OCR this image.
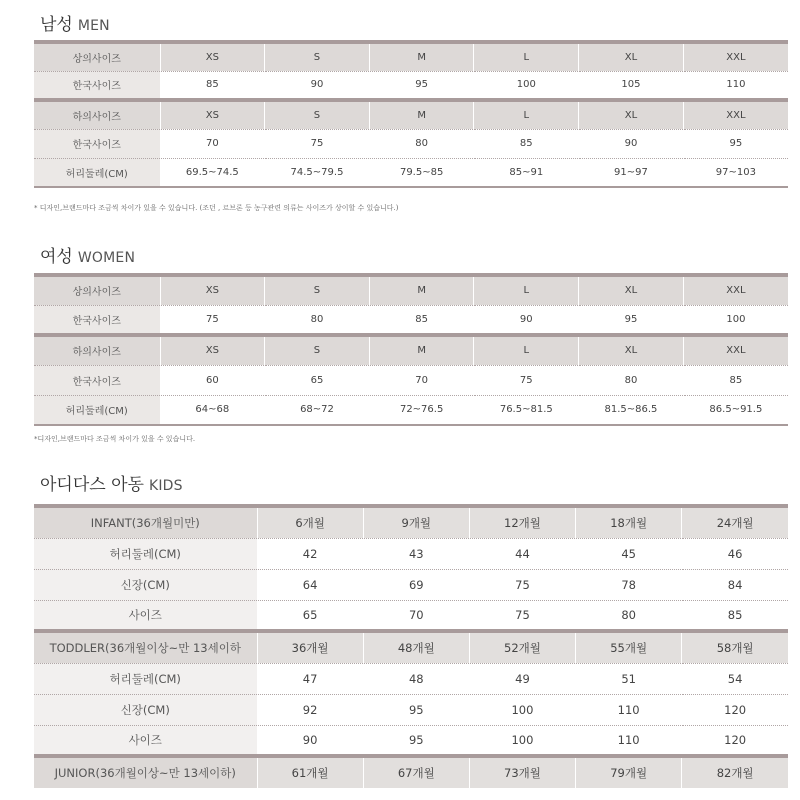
남성 MEN
상의사이즈	XS	S	M	L	XL	XXL
한국사이즈	85	90	95	100	105	110
하의사이즈	XS	S	M	L	XL	XXL
한국사이즈	70	75	80	85	90	95
허리둘레(CM)	69.5~74.5	74.5~79.5	79.5~85	85~91	91~97	97~103
* 디자인,브랜드마다 조금씩 차이가 있을 수 있습니다. (조던 , 르브론 등 농구관련 의류는 사이즈가 상이할 수 있습니다.)
여성 WOMEN
상의사이즈	XS	S	M	L	XL	XXL
한국사이즈	75	80	85	90	95	100
하의사이즈	XS	S	M	L	XL	XXL
한국사이즈	60	65	70	75	80	85
허리둘레(CM)	64~68	68~72	72~76.5	76.5~81.5	81.5~86.5	86.5~91.5
*디자인,브랜드마다 조금씩 차이가 있을 수 있습니다.
아디다스 아동 KIDS
INFANT(36개월미만)	6개월	9개월	12개월	18개월	24개월
허리둘레(CM)	42	43	44	45	46
신장(CM)	64	69	75	78	84
사이즈	65	70	75	80	85
TODDLER(36개월이상~만 13세이하	36개월	48개월	52개월	55개월	58개월
허리둘레(CM)	47	48	49	51	54
신장(CM)	92	95	100	110	120
사이즈	90	95	100	110	120
JUNIOR(36개월이상~만 13세이하)	61개월	67개월	73개월	79개월	82개월
